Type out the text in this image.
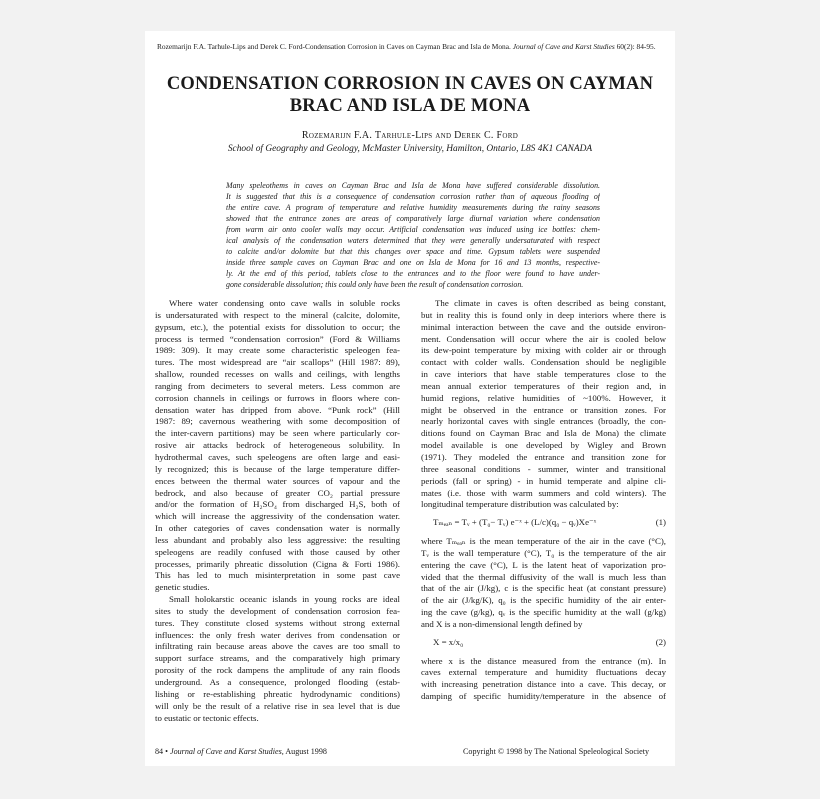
Rozemarijn F.A. Tarhule-Lips and Derek C. Ford-Condensation Corrosion in Caves on Cayman Brac and Isla de Mona. Journal of Cave and Karst Studies 60(2): 84-95.
CONDENSATION CORROSION IN CAVES ON CAYMAN
BRAC AND ISLA DE MONA
Rozemarijn F.A. Tarhule-Lips and Derek C. Ford
School of Geography and Geology, McMaster University, Hamilton, Ontario, L8S 4K1 CANADA
Many speleothems in caves on Cayman Brac and Isla de Mona have suffered considerable dissolution.
It is suggested that this is a consequence of condensation corrosion rather than of aqueous flooding of
the entire cave. A program of temperature and relative humidity measurements during the rainy seasons
showed that the entrance zones are areas of comparatively large diurnal variation where condensation
from warm air onto cooler walls may occur. Artificial condensation was induced using ice bottles: chem-
ical analysis of the condensation waters determined that they were generally undersaturated with respect
to calcite and/or dolomite but that this changes over space and time. Gypsum tablets were suspended
inside three sample caves on Cayman Brac and one on Isla de Mona for 16 and 13 months, respective-
ly. At the end of this period, tablets close to the entrances and to the floor were found to have under-
gone considerable dissolution; this could only have been the result of condensation corrosion.
Where water condensing onto cave walls in soluble rocks
is undersaturated with respect to the mineral (calcite, dolomite,
gypsum, etc.), the potential exists for dissolution to occur; the
process is termed “condensation corrosion” (Ford & Williams
1989: 309). It may create some characteristic speleogen fea-
tures. The most widespread are “air scallops” (Hill 1987: 89),
shallow, rounded recesses on walls and ceilings, with lengths
ranging from decimeters to several meters. Less common are
corrosion channels in ceilings or furrows in floors where con-
densation water has dripped from above. “Punk rock” (Hill
1987: 89; cavernous weathering with some decomposition of
the inter-cavern partitions) may be seen where particularly cor-
rosive air attacks bedrock of heterogeneous solubility. In
hydrothermal caves, such speleogens are often large and easi-
ly recognized; this is because of the large temperature differ-
ences between the thermal water sources of vapour and the
bedrock, and also because of greater CO₂ partial pressure
and/or the formation of H₂SO₄ from discharged H₂S, both of
which will increase the aggressivity of the condensation water.
In other categories of caves condensation water is normally
less abundant and probably also less aggressive: the resulting
speleogens are readily confused with those caused by other
processes, primarily phreatic dissolution (Cigna & Forti 1986).
This has led to much misinterpretation in some past cave
genetic studies.
Small holokarstic oceanic islands in young rocks are ideal
sites to study the development of condensation corrosion fea-
tures. They constitute closed systems without strong external
influences: the only fresh water derives from condensation or
infiltrating rain because areas above the caves are too small to
support surface streams, and the comparatively high primary
porosity of the rock dampens the amplitude of any rain floods
underground. As a consequence, prolonged flooding (estab-
lishing or re-establishing phreatic hydrodynamic conditions)
will only be the result of a relative rise in sea level that is due
to eustatic or tectonic effects.
The climate in caves is often described as being constant,
but in reality this is found only in deep interiors where there is
minimal interaction between the cave and the outside environ-
ment. Condensation will occur where the air is cooled below
its dew-point temperature by mixing with colder air or through
contact with colder walls. Condensation should be negligible
in cave interiors that have stable temperatures close to the
mean annual exterior temperatures of their region and, in
humid regions, relative humidities of ~100%. However, it
might be observed in the entrance or transition zones. For
nearly horizontal caves with single entrances (broadly, the con-
ditions found on Cayman Brac and Isla de Mona) the climate
model available is one developed by Wigley and Brown
(1971). They modeled the entrance and transition zone for
three seasonal conditions - summer, winter and transitional
periods (fall or spring) - in humid temperate and alpine cli-
mates (i.e. those with warm summers and cold winters). The
longitudinal temperature distribution was calculated by:
Tₘₑₐₙ = Tᵥ + (T₀− Tᵥ) e⁻ˣ + (L/c)(q₀ − qᵥ)Xe⁻ˣ	(1)
where Tₘₑₐₙ is the mean temperature of the air in the cave (°C),
Tᵥ is the wall temperature (°C), T₀ is the temperature of the air
entering the cave (°C), L is the latent heat of vaporization pro-
vided that the thermal diffusivity of the wall is much less than
that of the air (J/kg), c is the specific heat (at constant pressure)
of the air (J/kg/K), q₀ is the specific humidity of the air enter-
ing the cave (g/kg), qᵥ is the specific humidity at the wall (g/kg)
and X is a non-dimensional length defined by
X = x/x₀	(2)
where x is the distance measured from the entrance (m). In
caves external temperature and humidity fluctuations decay
with increasing penetration distance into a cave. This decay, or
damping of specific humidity/temperature in the absence of
84 • Journal of Cave and Karst Studies, August 1998	Copyright © 1998 by The National Speleological Society
